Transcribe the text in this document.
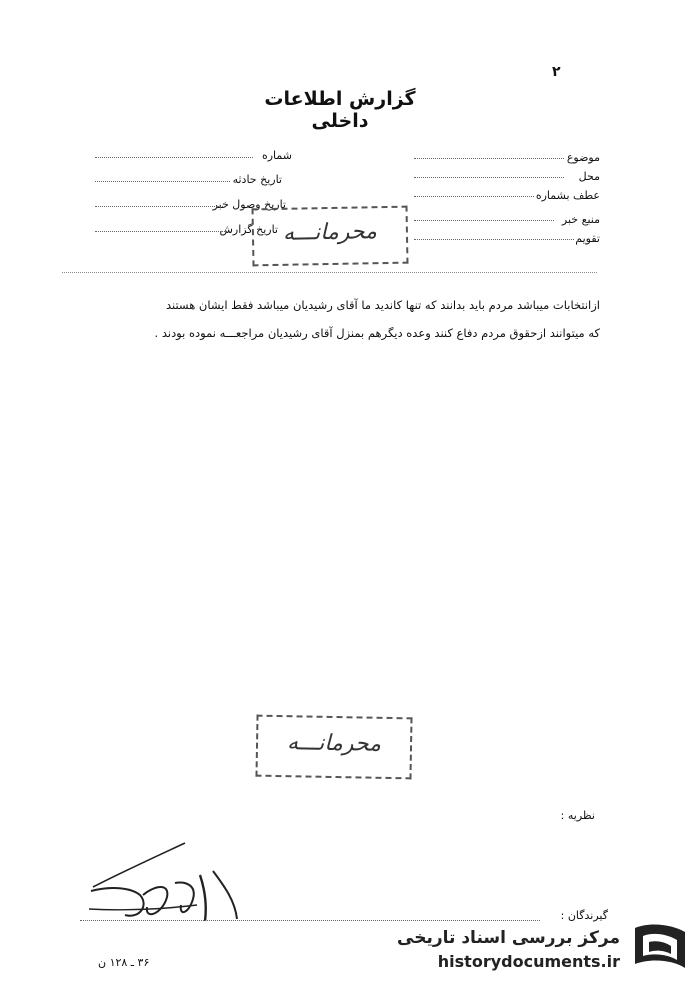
۲
گزارش اطلاعات داخلی
موضوع
محل
عطف بشماره
منبع خبر
تقویم
شماره
تاریخ حادثه
تاریخ وصول خبر
تاریخ گزارش محرمانـــه
ازانتخابات میباشد مردم باید بدانند که تنها کاندید ما آقای رشیدیان میباشد فقط ایشان هستند
که میتوانند ازحقوق مردم دفاع کنند وعده دیگرهم بمنزل آقای رشیدیان مراجعـــه نموده بودند .
محرمانـــه
نظریه :
گیرندگان :
۳۶ ـ ۱۲۸ ن
مرکز بررسی اسناد تاریخی
historydocuments.ir
